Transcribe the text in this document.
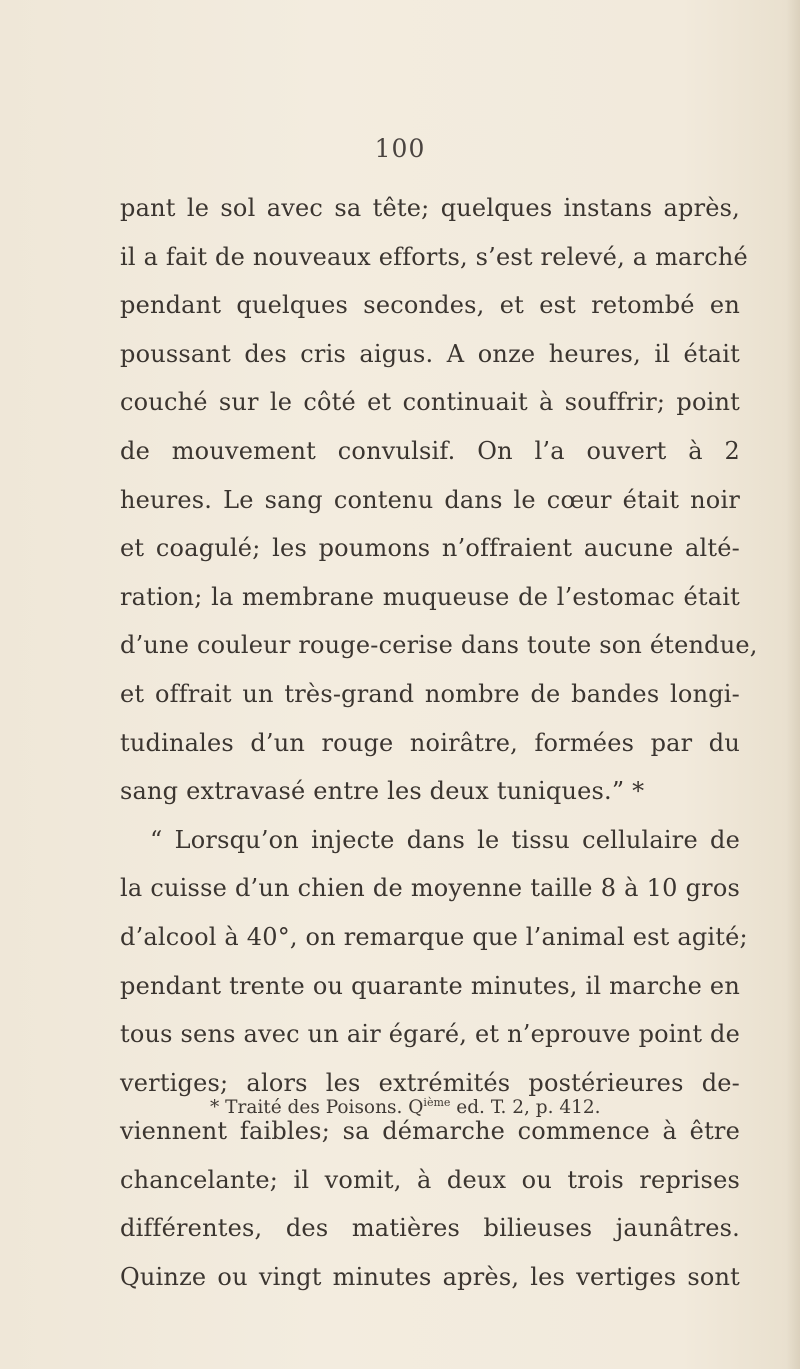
100
pant le sol avec sa tête; quelques instans après,
il a fait de nouveaux efforts, s’est relevé, a marché
pendant quelques secondes, et est retombé en
poussant des cris aigus. A onze heures, il était
couché sur le côté et continuait à souffrir; point
de mouvement convulsif. On l’a ouvert à 2
heures. Le sang contenu dans le cœur était noir
et coagulé; les poumons n’offraient aucune alté-
ration; la membrane muqueuse de l’estomac était
d’une couleur rouge-cerise dans toute son étendue,
et offrait un très-grand nombre de bandes longi-
tudinales d’un rouge noirâtre, formées par du
sang extravasé entre les deux tuniques.” *
“ Lorsqu’on injecte dans le tissu cellulaire de
la cuisse d’un chien de moyenne taille 8 à 10 gros
d’alcool à 40°, on remarque que l’animal est agité;
pendant trente ou quarante minutes, il marche en
tous sens avec un air égaré, et n’eprouve point de
vertiges; alors les extrémités postérieures de-
viennent faibles; sa démarche commence à être
chancelante; il vomit, à deux ou trois reprises
différentes, des matières bilieuses jaunâtres.
Quinze ou vingt minutes après, les vertiges sont
* Traité des Poisons. $Q^{ième}$ ed. T. 2, p. 412.
